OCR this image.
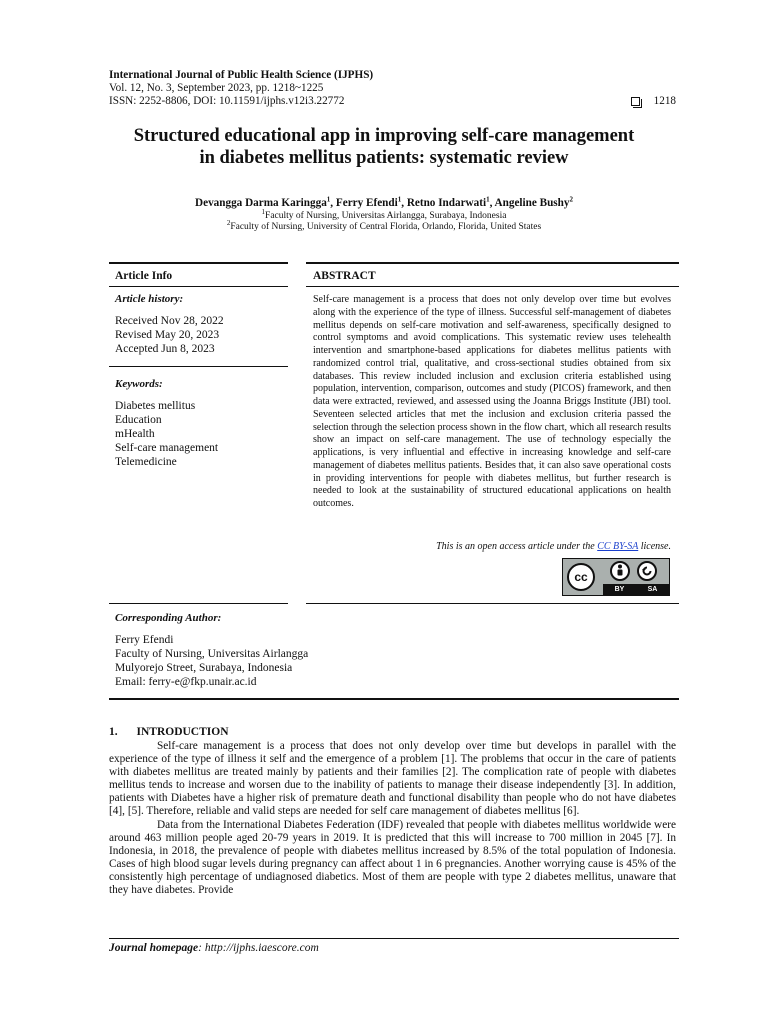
International Journal of Public Health Science (IJPHS)
Vol. 12, No. 3, September 2023, pp. 1218~1225
ISSN: 2252-8806, DOI: 10.11591/ijphs.v12i3.22772	1218
Structured educational app in improving self-care management
in diabetes mellitus patients: systematic review
Devangga Darma Karingga$^1$, Ferry Efendi$^1$, Retno Indarwati$^1$, Angeline Bushy$^2$
$^1$Faculty of Nursing, Universitas Airlangga, Surabaya, Indonesia
$^2$Faculty of Nursing, University of Central Florida, Orlando, Florida, United States
Article Info
Article history:
Received Nov 28, 2022
Revised May 20, 2023
Accepted Jun 8, 2023
Keywords:
Diabetes mellitus
Education
mHealth
Self-care management
Telemedicine
ABSTRACT
Self-care management is a process that does not only develop over time but evolves along with the experience of the type of illness. Successful self-management of diabetes mellitus depends on self-care motivation and self-awareness, specifically designed to control symptoms and avoid complications. This systematic review uses telehealth intervention and smartphone-based applications for diabetes mellitus patients with randomized control trial, qualitative, and cross-sectional studies obtained from six databases. This review included inclusion and exclusion criteria established using population, intervention, comparison, outcomes and study (PICOS) framework, and then data were extracted, reviewed, and assessed using the Joanna Briggs Institute (JBI) tool. Seventeen selected articles that met the inclusion and exclusion criteria passed the selection through the selection process shown in the flow chart, which all research results show an impact on self-care management. The use of technology especially the applications, is very influential and effective in increasing knowledge and self-care management of diabetes mellitus patients. Besides that, it can also save operational costs in providing interventions for people with diabetes mellitus, but further research is needed to look at the sustainability of structured educational applications on health outcomes.
This is an open access article under the CC BY-SA license.
cc
BY	SA
Corresponding Author:
Ferry Efendi
Faculty of Nursing, Universitas Airlangga
Mulyorejo Street, Surabaya, Indonesia
Email: ferry-e@fkp.unair.ac.id
1. INTRODUCTION

Self-care management is a process that does not only develop over time but develops in parallel with the experience of the type of illness it self and the emergence of a problem [1]. The problems that occur in the care of patients with diabetes mellitus are treated mainly by patients and their families [2]. The complication rate of people with diabetes mellitus tends to increase and worsen due to the inability of patients to manage their disease independently [3]. In addition, patients with Diabetes have a higher risk of premature death and functional disability than people who do not have diabetes [4], [5]. Therefore, reliable and valid steps are needed for self care management of diabetes mellitus [6].

Data from the International Diabetes Federation (IDF) revealed that people with diabetes mellitus worldwide were around 463 million people aged 20-79 years in 2019. It is predicted that this will increase to 700 million in 2045 [7]. In Indonesia, in 2018, the prevalence of people with diabetes mellitus increased by 8.5% of the total population of Indonesia. Cases of high blood sugar levels during pregnancy can affect about 1 in 6 pregnancies. Another worrying cause is 45% of the consistently high percentage of undiagnosed diabetics. Most of them are people with type 2 diabetes mellitus, unaware that they have diabetes. Provide

Journal homepage: http://ijphs.iaescore.com
